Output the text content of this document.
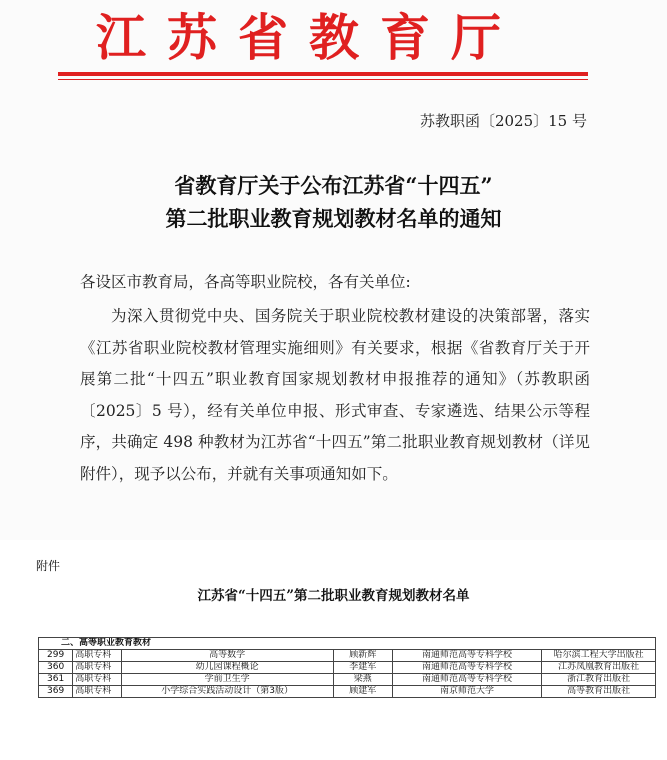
江苏省教育厅
苏教职函〔2025〕15 号
省教育厅关于公布江苏省“十四五”
第二批职业教育规划教材名单的通知
各设区市教育局，各高等职业院校，各有关单位:
为深入贯彻党中央、国务院关于职业院校教材建设的决策部署，落实《江苏省职业院校教材管理实施细则》有关要求，根据《省教育厅关于开展第二批“十四五”职业教育国家规划教材申报推荐的通知》（苏教职函〔2025〕5 号），经有关单位申报、形式审查、专家遴选、结果公示等程序，共确定 498 种教材为江苏省“十四五”第二批职业教育规划教材（详见附件），现予以公布，并就有关事项通知如下。
附件
江苏省“十四五”第二批职业教育规划教材名单
二、高等职业教育教材					
299	高职专科	高等数学	顾新辉	南通师范高等专科学校	哈尔滨工程大学出版社
360	高职专科	幼儿园课程概论	李建军	南通师范高等专科学校	江苏凤凰教育出版社
361	高职专科	学前卫生学	梁燕	南通师范高等专科学校	浙江教育出版社
369	高职专科	小学综合实践活动设计（第3版）	顾建军	南京师范大学	高等教育出版社
